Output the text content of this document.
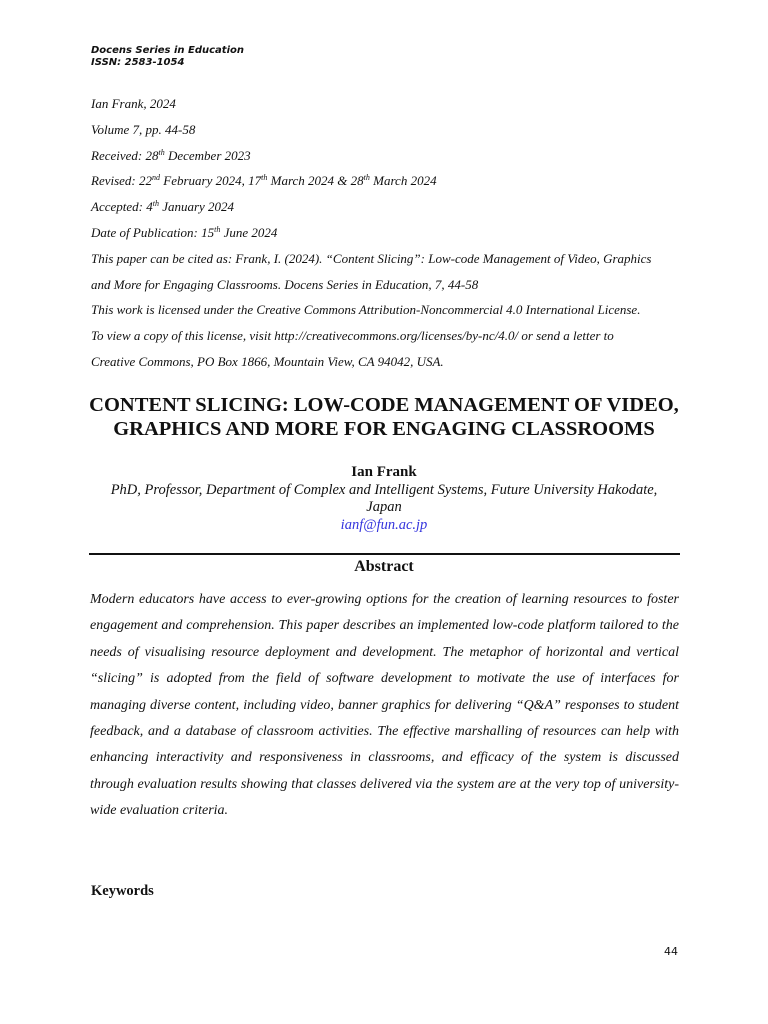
Docens Series in Education
ISSN: 2583-1054
Ian Frank, 2024
Volume 7, pp. 44-58
Received: 28th December 2023
Revised: 22nd February 2024, 17th March 2024 & 28th March 2024
Accepted: 4th January 2024
Date of Publication: 15th June 2024
This paper can be cited as: Frank, I. (2024). “Content Slicing”: Low-code Management of Video, Graphics
and More for Engaging Classrooms. Docens Series in Education, 7, 44-58
This work is licensed under the Creative Commons Attribution-Noncommercial 4.0 International License.
To view a copy of this license, visit http://creativecommons.org/licenses/by-nc/4.0/ or send a letter to
Creative Commons, PO Box 1866, Mountain View, CA 94042, USA.
CONTENT SLICING: LOW-CODE MANAGEMENT OF VIDEO,
GRAPHICS AND MORE FOR ENGAGING CLASSROOMS
Ian Frank
PhD, Professor, Department of Complex and Intelligent Systems, Future University Hakodate,
Japan
ianf@fun.ac.jp
Abstract
Modern educators have access to ever-growing options for the creation of learning resources to foster engagement and comprehension. This paper describes an implemented low-code platform tailored to the needs of visualising resource deployment and development. The metaphor of horizontal and vertical “slicing” is adopted from the field of software development to motivate the use of interfaces for managing diverse content, including video, banner graphics for delivering “Q&A” responses to student feedback, and a database of classroom activities. The effective marshalling of resources can help with enhancing interactivity and responsiveness in classrooms, and efficacy of the system is discussed through evaluation results showing that classes delivered via the system are at the very top of university-wide evaluation criteria.
Keywords
44
